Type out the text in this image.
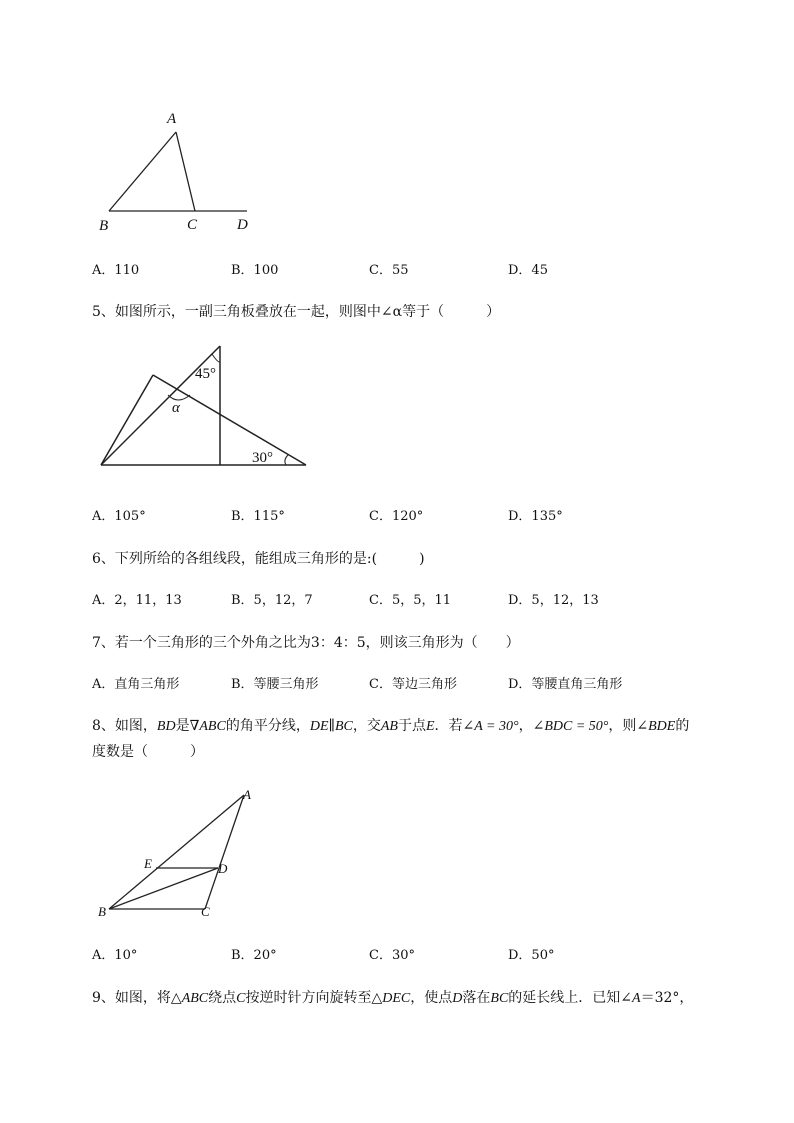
A
B	C	D
A．110	B．100	C．55	D．45
5、如图所示，一副三角板叠放在一起，则图中∠α等于（　　　）
45°
α
30°
A．105°	B．115°	C．120°	D．135°
6、下列所给的各组线段，能组成三角形的是:(　　　)
A．2，11，13	B．5，12，7	C．5，5，11	D．5，12，13
7、若一个三角形的三个外角之比为3：4：5，则该三角形为（　　）
A．直角三角形	B．等腰三角形	C．等边三角形	D．等腰直角三角形
8、如图，BD是∇ABC的角平分线，DE∥BC，交AB于点E．若∠A = 30°，∠BDC = 50°，则∠BDE的
度数是（　　　）
A
E	D
B	C
A．10°	B．20°	C．30°	D．50°
9、如图，将△ABC绕点C按逆时针方向旋转至△DEC，使点D落在BC的延长线上．已知∠A＝32°，
